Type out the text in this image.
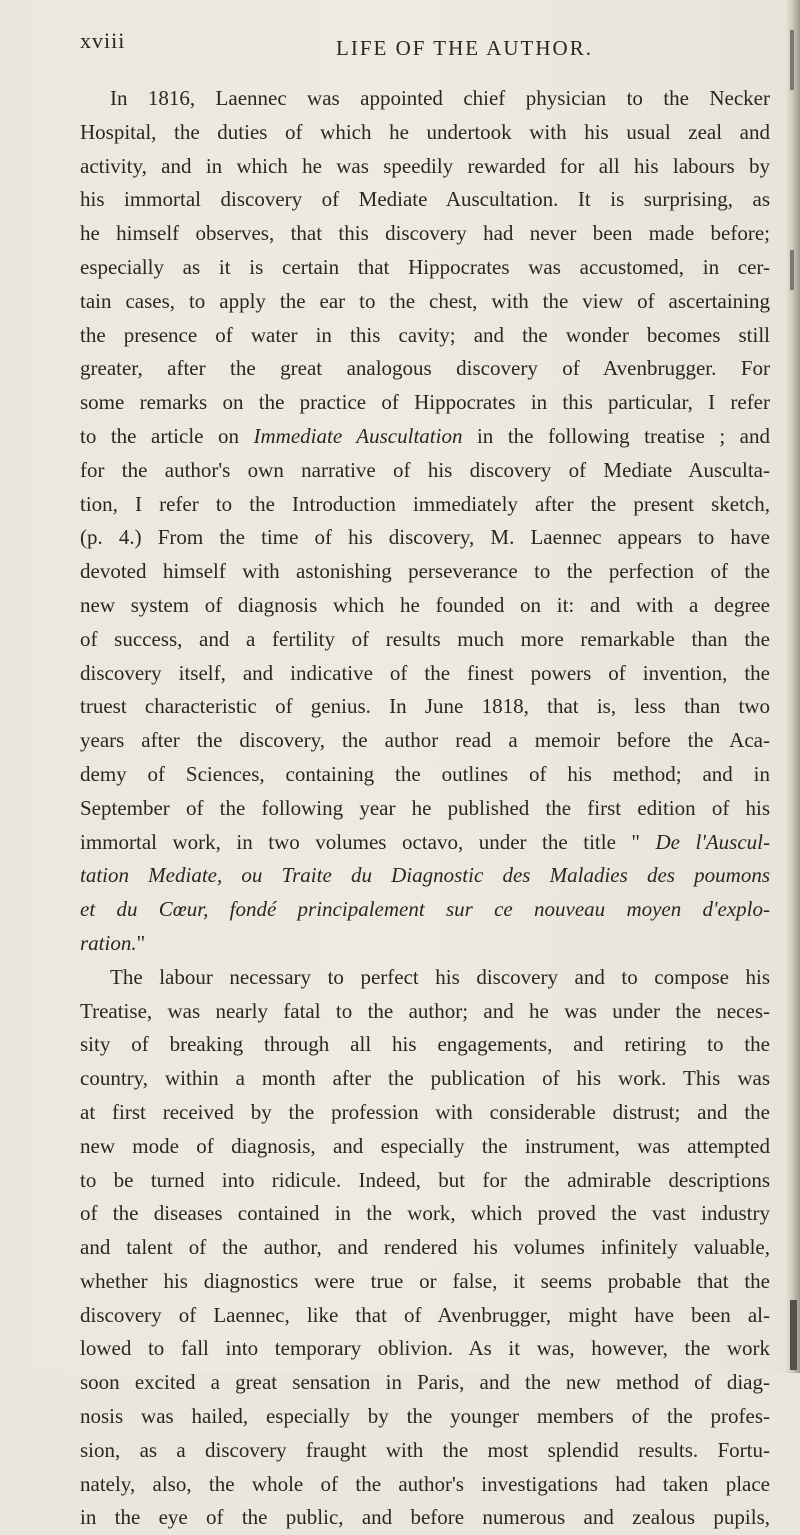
xviii	LIFE OF THE AUTHOR.
In 1816, Laennec was appointed chief physician to the Necker
Hospital, the duties of which he undertook with his usual zeal and
activity, and in which he was speedily rewarded for all his labours by
his immortal discovery of Mediate Auscultation. It is surprising, as
he himself observes, that this discovery had never been made before;
especially as it is certain that Hippocrates was accustomed, in cer-
tain cases, to apply the ear to the chest, with the view of ascertaining
the presence of water in this cavity; and the wonder becomes still
greater, after the great analogous discovery of Avenbrugger. For
some remarks on the practice of Hippocrates in this particular, I refer
to the article on Immediate Auscultation in the following treatise ; and
for the author's own narrative of his discovery of Mediate Ausculta-
tion, I refer to the Introduction immediately after the present sketch,
(p. 4.) From the time of his discovery, M. Laennec appears to have
devoted himself with astonishing perseverance to the perfection of the
new system of diagnosis which he founded on it: and with a degree
of success, and a fertility of results much more remarkable than the
discovery itself, and indicative of the finest powers of invention, the
truest characteristic of genius. In June 1818, that is, less than two
years after the discovery, the author read a memoir before the Aca-
demy of Sciences, containing the outlines of his method; and in
September of the following year he published the first edition of his
immortal work, in two volumes octavo, under the title " De l'Auscul-
tation Mediate, ou Traite du Diagnostic des Maladies des poumons
et du Cœur, fondé principalement sur ce nouveau moyen d'explo-
ration."
The labour necessary to perfect his discovery and to compose his
Treatise, was nearly fatal to the author; and he was under the neces-
sity of breaking through all his engagements, and retiring to the
country, within a month after the publication of his work. This was
at first received by the profession with considerable distrust; and the
new mode of diagnosis, and especially the instrument, was attempted
to be turned into ridicule. Indeed, but for the admirable descriptions
of the diseases contained in the work, which proved the vast industry
and talent of the author, and rendered his volumes infinitely valuable,
whether his diagnostics were true or false, it seems probable that the
discovery of Laennec, like that of Avenbrugger, might have been al-
lowed to fall into temporary oblivion. As it was, however, the work
soon excited a great sensation in Paris, and the new method of diag-
nosis was hailed, especially by the younger members of the profes-
sion, as a discovery fraught with the most splendid results. Fortu-
nately, also, the whole of the author's investigations had taken place
in the eye of the public, and before numerous and zealous pupils,
